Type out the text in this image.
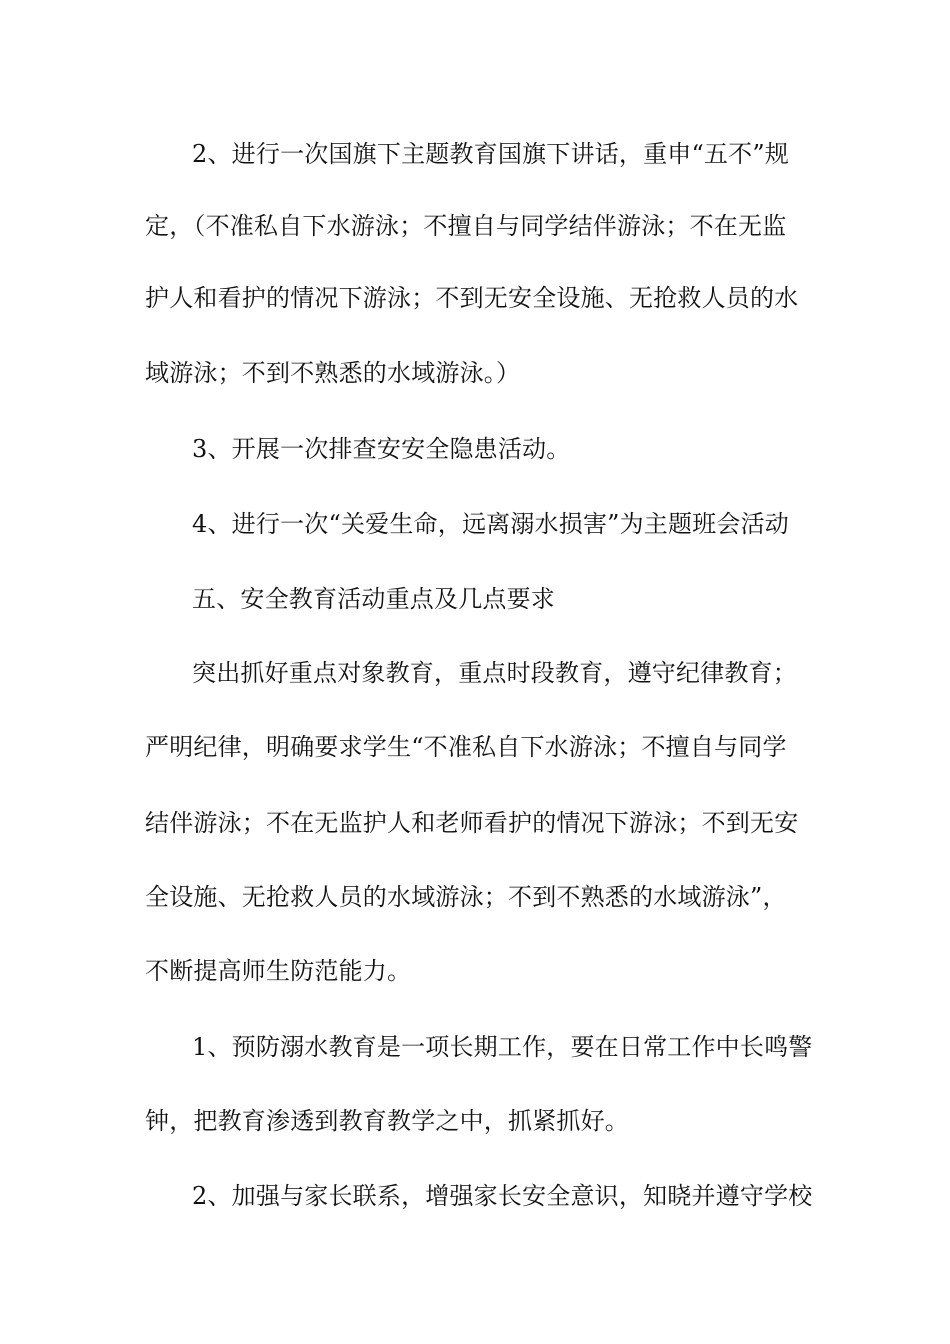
2、进行一次国旗下主题教育国旗下讲话，重申“五不”规
定，（不准私自下水游泳；不擅自与同学结伴游泳；不在无监
护人和看护的情况下游泳；不到无安全设施、无抢救人员的水
域游泳；不到不熟悉的水域游泳。）
3、开展一次排查安安全隐患活动。
4、进行一次“关爱生命，远离溺水损害”为主题班会活动
五、安全教育活动重点及几点要求
突出抓好重点对象教育，重点时段教育，遵守纪律教育；
严明纪律，明确要求学生“不准私自下水游泳；不擅自与同学
结伴游泳；不在无监护人和老师看护的情况下游泳；不到无安
全设施、无抢救人员的水域游泳；不到不熟悉的水域游泳”，
不断提高师生防范能力。
1、预防溺水教育是一项长期工作，要在日常工作中长鸣警
钟，把教育渗透到教育教学之中，抓紧抓好。
2、加强与家长联系，增强家长安全意识，知晓并遵守学校
